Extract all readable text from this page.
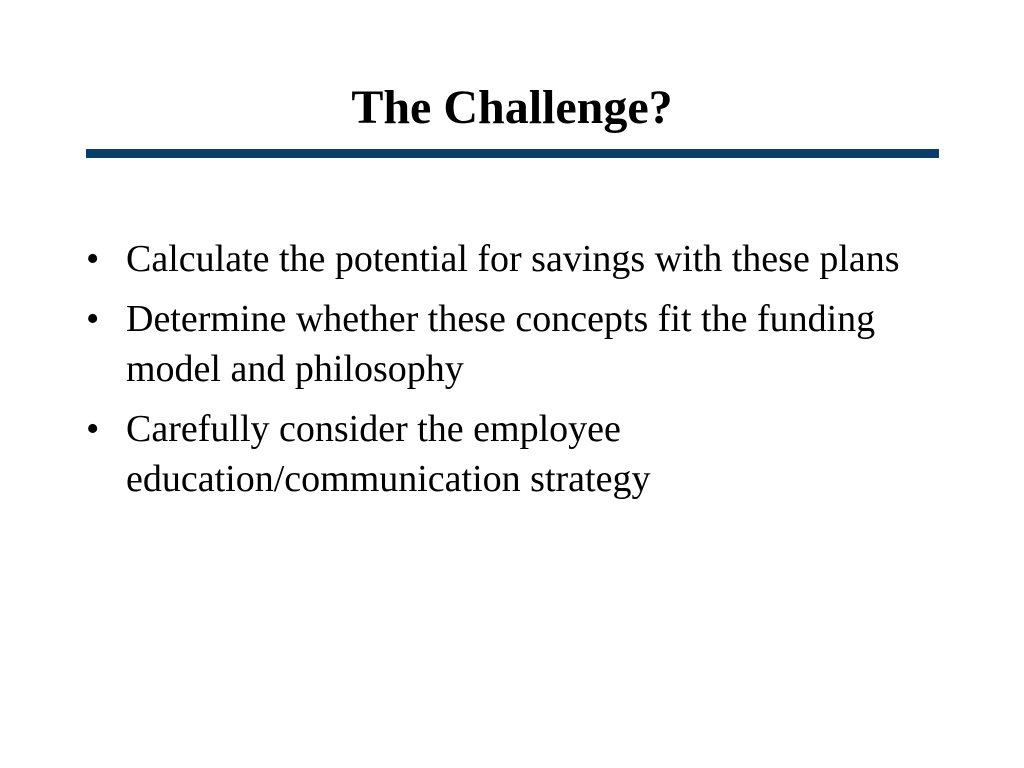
The Challenge?
• Calculate the potential for savings with these plans
• Determine whether these concepts fit the funding model and philosophy
• Carefully consider the employee education/communication strategy
